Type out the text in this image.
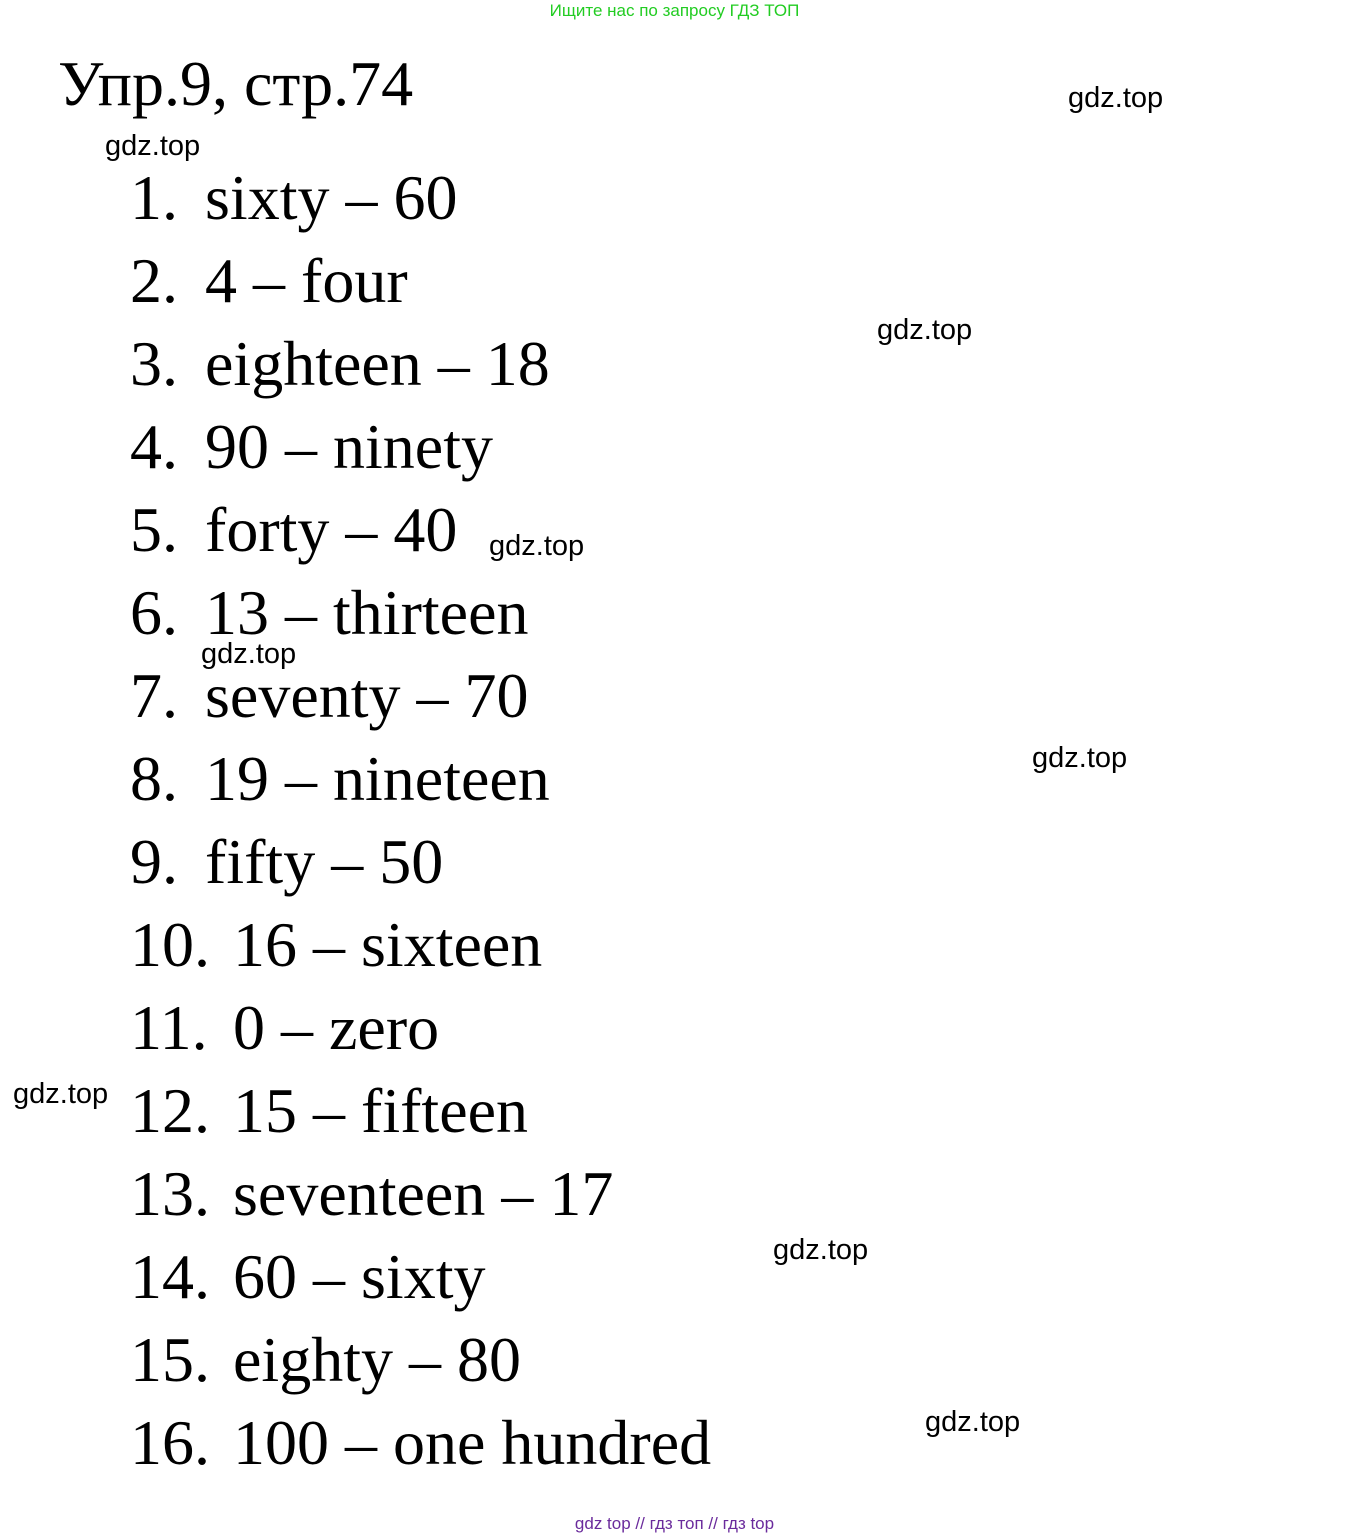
Ищите нас по запросу ГДЗ ТОП
Упр.9, стр.74
1. sixty – 60
2. 4 – four
3. eighteen – 18
4. 90 – ninety
5. forty – 40
6. 13 – thirteen
7. seventy – 70
8. 19 – nineteen
9. fifty – 50
10. 16 – sixteen
11. 0 – zero
12. 15 – fifteen
13. seventeen – 17
14. 60 – sixty
15. eighty – 80
16. 100 – one hundred
gdz.top
gdz.top
gdz.top
gdz.top
gdz.top
gdz.top
gdz.top
gdz.top
gdz.top
gdz top // гдз топ // гдз top
